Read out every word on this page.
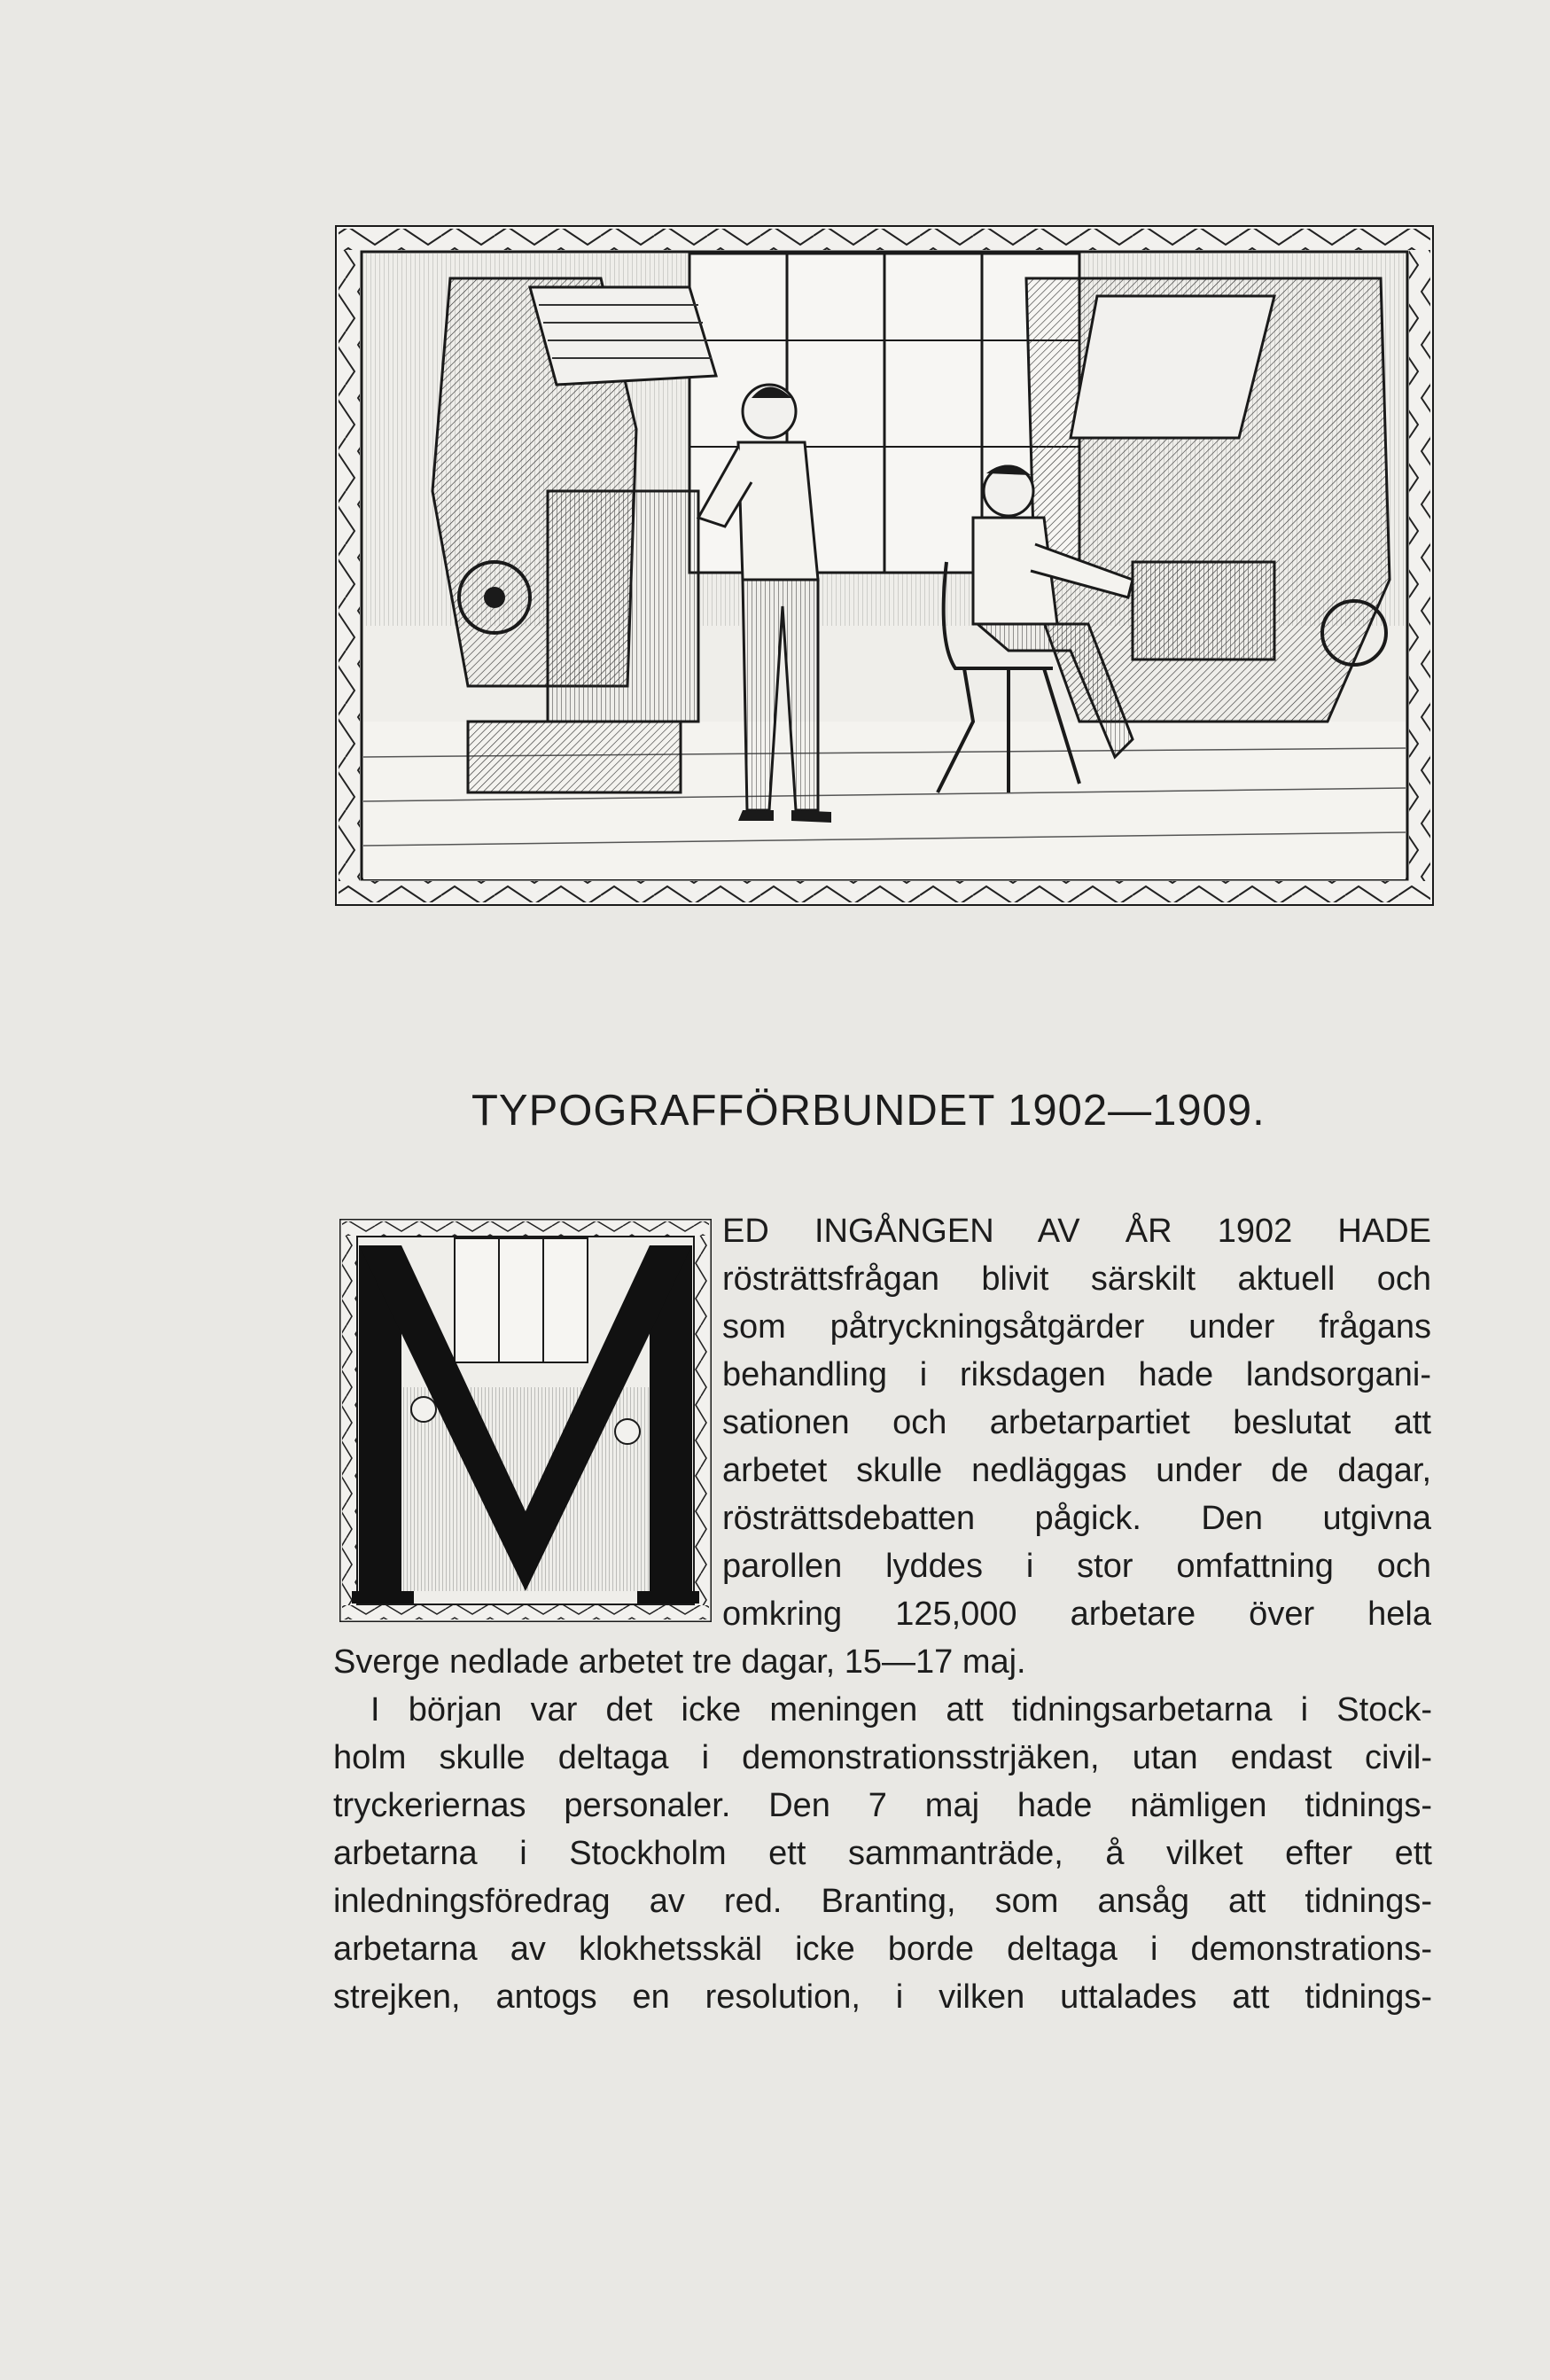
TYPOGRAFFÖRBUNDET 1902—1909.
ED INGÅNGEN AV ÅR 1902 HADE
rösträttsfrågan blivit särskilt aktuell och
som påtryckningsåtgärder under frågans
behandling i riksdagen hade landsorgani-
sationen och arbetarpartiet beslutat att
arbetet skulle nedläggas under de dagar,
rösträttsdebatten pågick. Den utgivna
parollen lyddes i stor omfattning och
omkring 125,000 arbetare över hela
Sverge nedlade arbetet tre dagar, 15—17 maj.
I början var det icke meningen att tidningsarbetarna i Stock-
holm skulle deltaga i demonstrationsstrjäken, utan endast civil-
tryckeriernas personaler. Den 7 maj hade nämligen tidnings-
arbetarna i Stockholm ett sammanträde, å vilket efter ett
inledningsföredrag av red. Branting, som ansåg att tidnings-
arbetarna av klokhetsskäl icke borde deltaga i demonstrations-
strejken, antogs en resolution, i vilken uttalades att tidnings-
